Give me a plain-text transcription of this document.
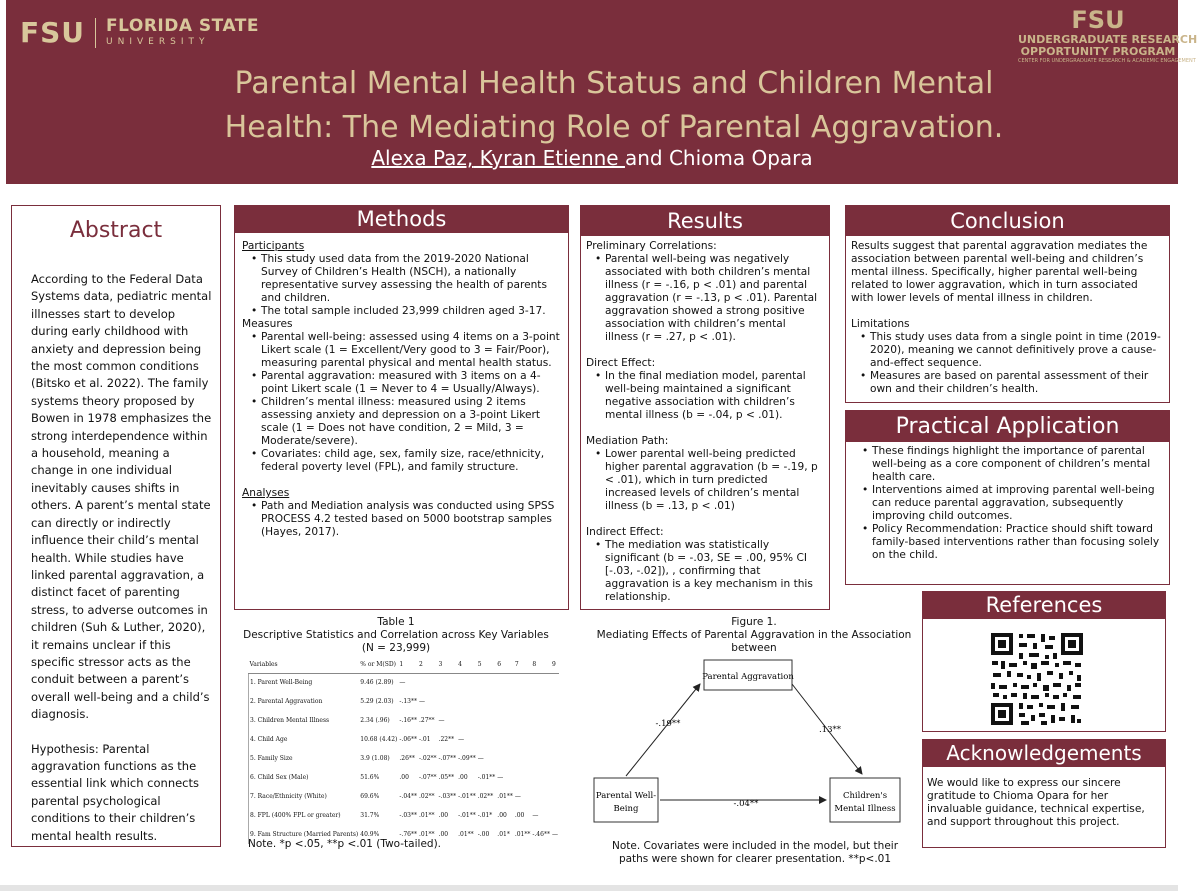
FSU FLORIDA STATE
UNIVERSITY
FSU
UNDERGRADUATE RESEARCH
OPPORTUNITY PROGRAM
CENTER FOR UNDERGRADUATE RESEARCH & ACADEMIC ENGAGEMENT
Parental Mental Health Status and Children Mental
Health: The Mediating Role of Parental Aggravation.
Alexa Paz, Kyran Etienne and Chioma Opara
Abstract

According to the Federal Data Systems data, pediatric mental illnesses start to develop during early childhood with anxiety and depression being the most common conditions (Bitsko et al. 2022). The family systems theory proposed by Bowen in 1978 emphasizes the strong interdependence within a household, meaning a change in one individual inevitably causes shifts in others. A parent’s mental state can directly or indirectly influence their child’s mental health. While studies have linked parental aggravation, a distinct facet of parenting stress, to adverse outcomes in children (Suh & Luther, 2020), it remains unclear if this specific stressor acts as the conduit between a parent’s overall well-being and a child’s diagnosis.

Hypothesis: Parental aggravation functions as the essential link which connects parental psychological conditions to their children’s mental health results.

Methods
Participants
• This study used data from the 2019-2020 National Survey of Children’s Health (NSCH), a nationally representative survey assessing the health of parents and children.
• The total sample included 23,999 children aged 3-17.
Measures
• Parental well-being: assessed using 4 items on a 3-point Likert scale (1 = Excellent/Very good to 3 = Fair/Poor), measuring parental physical and mental health status.
• Parental aggravation: measured with 3 items on a 4-point Likert scale (1 = Never to 4 = Usually/Always).
• Children’s mental illness: measured using 2 items assessing anxiety and depression on a 3-point Likert scale (1 = Does not have condition, 2 = Mild, 3 = Moderate/severe).
• Covariates: child age, sex, family size, race/ethnicity, federal poverty level (FPL), and family structure.
Analyses
• Path and Mediation analysis was conducted using SPSS PROCESS 4.2 tested based on 5000 bootstrap samples (Hayes, 2017).
Results
Preliminary Correlations:
• Parental well-being was negatively associated with both children’s mental illness (r = -.16, p < .01) and parental aggravation (r = -.13, p < .01). Parental aggravation showed a strong positive association with children’s mental illness (r = .27, p < .01).
Direct Effect:
• In the final mediation model, parental well-being maintained a significant negative association with children’s mental illness (b = -.04, p < .01).
Mediation Path:
• Lower parental well-being predicted higher parental aggravation (b = -.19, p < .01), which in turn predicted increased levels of children’s mental illness (b = .13, p < .01)
Indirect Effect:
• The mediation was statistically significant (b = -.03, SE = .00, 95% CI [-.03, -.02]), , confirming that aggravation is a key mechanism in this relationship.
Conclusion
Results suggest that parental aggravation mediates the association between parental well-being and children’s mental illness. Specifically, higher parental well-being related to lower aggravation, which in turn associated with lower levels of mental illness in children.
Limitations
• This study uses data from a single point in time (2019-2020), meaning we cannot definitively prove a cause-and-effect sequence.
• Measures are based on parental assessment of their own and their children’s health.
Practical Application
• These findings highlight the importance of parental well-being as a core component of children’s mental health care.
• Interventions aimed at improving parental well-being can reduce parental aggravation, subsequently improving child outcomes.
• Policy Recommendation: Practice should shift toward family-based interventions rather than focusing solely on the child.
References
Acknowledgements
We would like to express our sincere gratitude to Chioma Opara for her invaluable guidance, technical expertise, and support throughout this project.
Table 1
Descriptive Statistics and Correlation across Key Variables
(N = 23,999)
Variables	% or M(SD)	1	2	3	4	5	6	7	8	9
1. Parent Well-Being	9.46 (2.89)	—								
2. Parental Aggravation	5.29 (2.03)	-.13**	—							
3. Children Mental Illness	2.34 (.96)	-.16**	.27**	—						
4. Child Age	10.68 (4.42)	-.06**	-.01	.22**	—					
5. Family Size	3.9 (1.08)	.26**	-.02**	-.07**	-.09**	—				
6. Child Sex (Male)	51.6%	.00	-.07**	.05**	.00	-.01**	—			
7. Race/Ethnicity (White)	69.6%	-.04**	.02**	-.03**	-.01**	.02**	.01**	—		
8. FPL (400% FPL or greater)	31.7%	-.03**	.01**	.00	-.01**	-.01*	.00	.00	—	
9. Fam Structure (Married Parents)	40.9%	-.76**	.01**	.00	.01**	-.00	.01*	.01**	-.46**	—
Note. *p <.05, **p <.01 (Two-tailed).
Figure 1.
Mediating Effects of Parental Aggravation in the Association
between
Parental Aggravation
Parental Well-
Being
Children's
Mental Illness
-.19**
.13**
-.04**
Note. Covariates were included in the model, but their
paths were shown for clearer presentation. **p<.01
